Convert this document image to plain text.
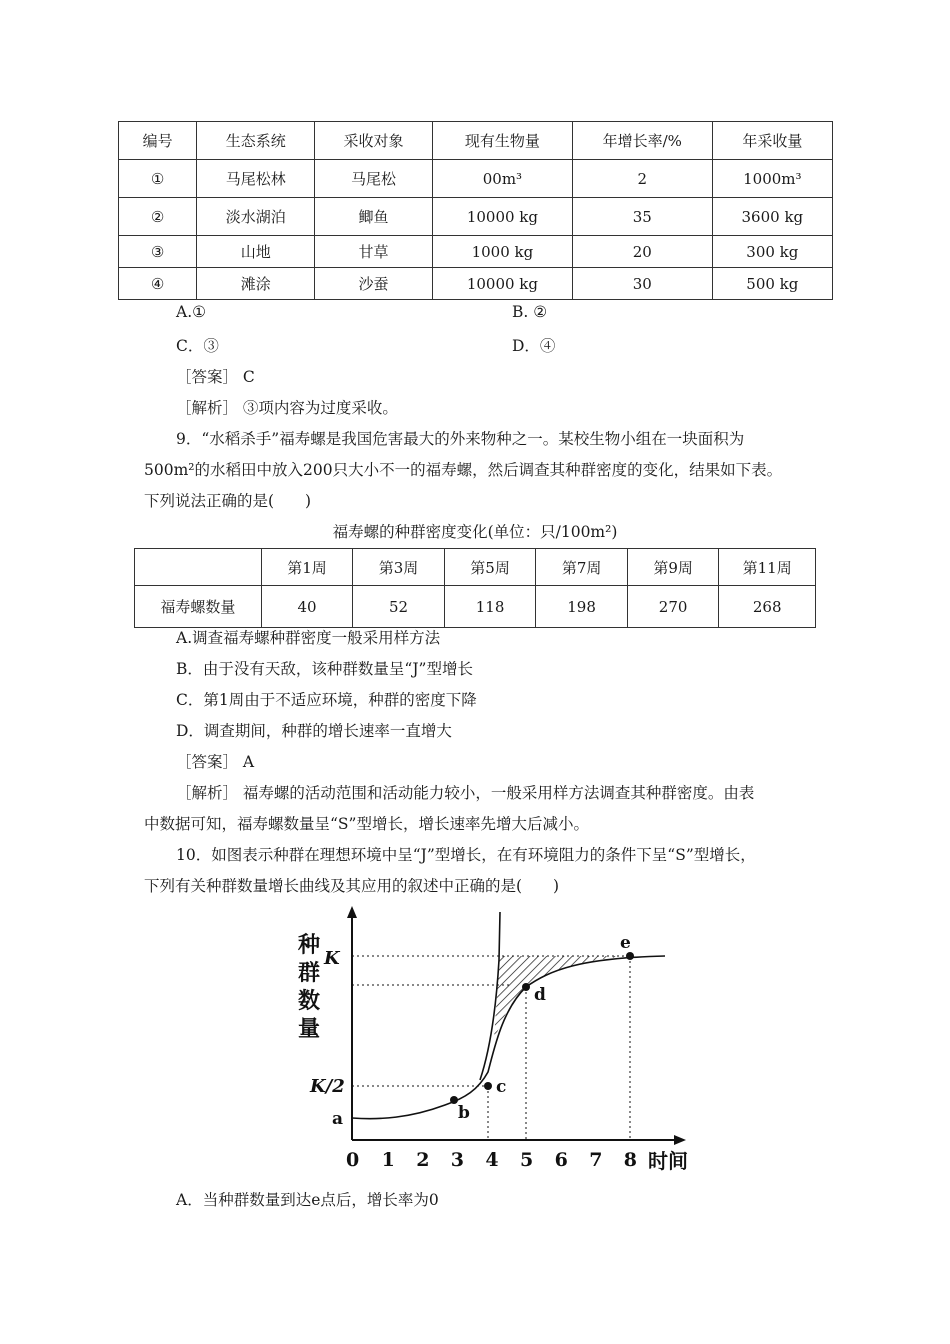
编号	生态系统	采收对象	现有生物量	年增长率/%	年采收量
①	马尾松林	马尾松	00m³	2	1000m³
②	淡水湖泊	鲫鱼	10000 kg	35	3600 kg
③	山地	甘草	1000 kg	20	300 kg
④	滩涂	沙蚕	10000 kg	30	500 kg
A.①	B. ②
C．③	D．④
［答案］ C
［解析］ ③项内容为过度采收。
9．“水稻杀手”福寿螺是我国危害最大的外来物种之一。某校生物小组在一块面积为
500m²的水稻田中放入200只大小不一的福寿螺，然后调查其种群密度的变化，结果如下表。
下列说法正确的是(　　)
福寿螺的种群密度变化(单位：只/100m²)
	第1周	第3周	第5周	第7周	第9周	第11周
福寿螺数量	40	52	118	198	270	268
A.调查福寿螺种群密度一般采用样方法
B．由于没有天敌，该种群数量呈“J”型增长
C．第1周由于不适应环境，种群的密度下降
D．调查期间，种群的增长速率一直增大
［答案］ A
［解析］ 福寿螺的活动范围和活动能力较小，一般采用样方法调查其种群密度。由表
中数据可知，福寿螺数量呈“S”型增长，增长速率先增大后减小。
10．如图表示种群在理想环境中呈“J”型增长，在有环境阻力的条件下呈“S”型增长，
下列有关种群数量增长曲线及其应用的叙述中正确的是(　　)
种
群
数
量
时间
K
K/2
a	b
c
d
e
0 1 2 3 4 5 6 7 8
A．当种群数量到达e点后，增长率为0
